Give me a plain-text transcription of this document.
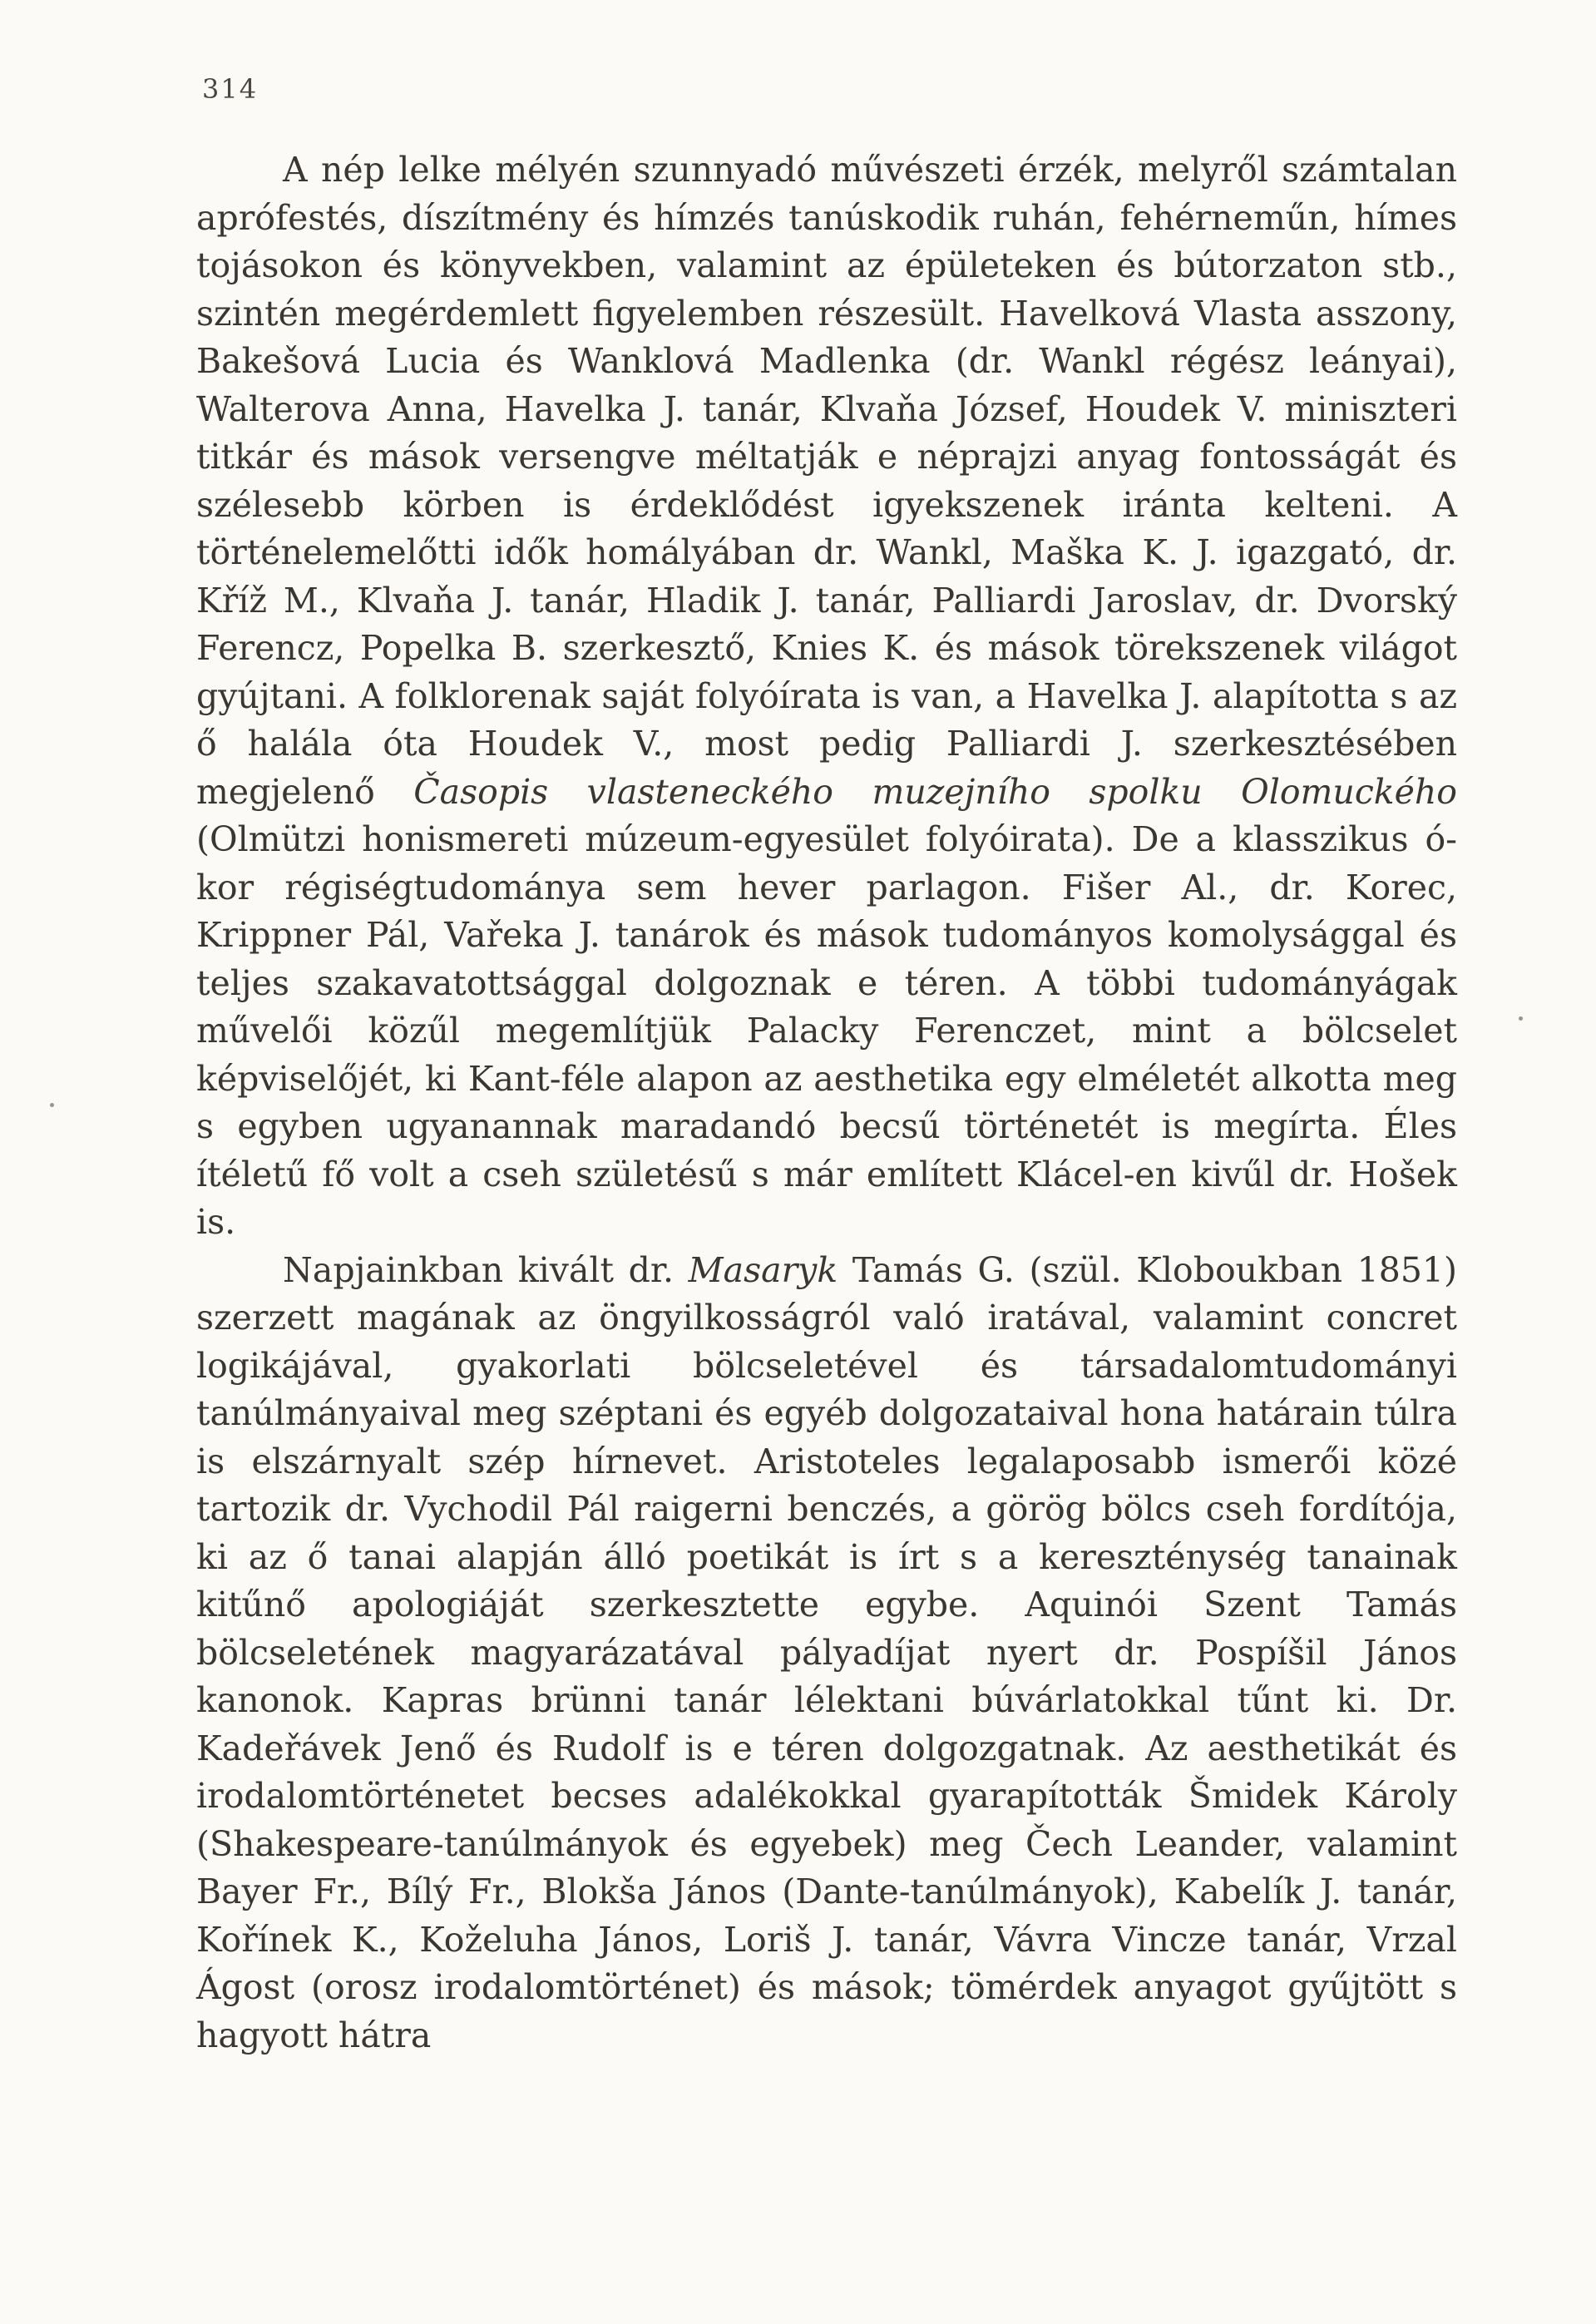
314

A nép lelke mélyén szunnyadó művészeti érzék, melyről számtalan aprófestés, díszítmény és hímzés tanúskodik ruhán, fehérneműn, hímes tojásokon és könyvekben, valamint az épületeken és bútorzaton stb., szintén megérdemlett figyelemben részesült. Havelková Vlasta asszony, Bakešová Lucia és Wanklová Madlenka (dr. Wankl régész leányai), Walterova Anna, Havelka J. tanár, Klvaňa József, Houdek V. miniszteri titkár és mások versengve méltatják e néprajzi anyag fontosságát és szélesebb körben is érdeklődést igyekszenek iránta kelteni. A történelemelőtti idők homályában dr. Wankl, Maška K. J. igazgató, dr. Kříž M., Klvaňa J. tanár, Hladik J. tanár, Palliardi Jaroslav, dr. Dvorský Ferencz, Popelka B. szerkesztő, Knies K. és mások törekszenek világot gyújtani. A folklorenak saját folyóírata is van, a Havelka J. alapította s az ő halála óta Houdek V., most pedig Palliardi J. szerkesztésében megjelenő Časopis vlasteneckého muzejního spolku Olomuckého (Olmützi honismereti múzeum-egyesület folyóirata). De a klasszikus ó-kor régiségtudománya sem hever parlagon. Fišer Al., dr. Korec, Krippner Pál, Vařeka J. tanárok és mások tudományos komolysággal és teljes szakavatottsággal dolgoznak e téren. A többi tudományágak művelői közűl megemlítjük Palacky Ferenczet, mint a bölcselet képviselőjét, ki Kant-féle alapon az aesthetika egy elméletét alkotta meg s egyben ugyanannak maradandó becsű történetét is megírta. Éles ítéletű fő volt a cseh születésű s már említett Klácel-en kivűl dr. Hošek is.

Napjainkban kivált dr. Masaryk Tamás G. (szül. Kloboukban 1851) szerzett magának az öngyilkosságról való iratával, valamint concret logikájával, gyakorlati bölcseletével és társadalomtudományi tanúlmányaival meg széptani és egyéb dolgozataival hona határain túlra is elszárnyalt szép hírnevet. Aristoteles legalaposabb ismerői közé tartozik dr. Vychodil Pál raigerni benczés, a görög bölcs cseh fordítója, ki az ő tanai alapján álló poetikát is írt s a kereszténység tanainak kitűnő apologiáját szerkesztette egybe. Aquinói Szent Tamás bölcseletének magyarázatával pályadíjat nyert dr. Pospíšil János kanonok. Kapras brünni tanár lélektani búvárlatokkal tűnt ki. Dr. Kadeřávek Jenő és Rudolf is e téren dolgozgatnak. Az aesthetikát és irodalomtörténetet becses adalékokkal gyarapították Šmidek Károly (Shakespeare-tanúlmányok és egyebek) meg Čech Leander, valamint Bayer Fr., Bílý Fr., Blokša János (Dante-tanúlmányok), Kabelík J. tanár, Kořínek K., Koželuha János, Loriš J. tanár, Vávra Vincze tanár, Vrzal Ágost (orosz irodalomtörténet) és mások; tömérdek anyagot gyűjtött s hagyott hátra
